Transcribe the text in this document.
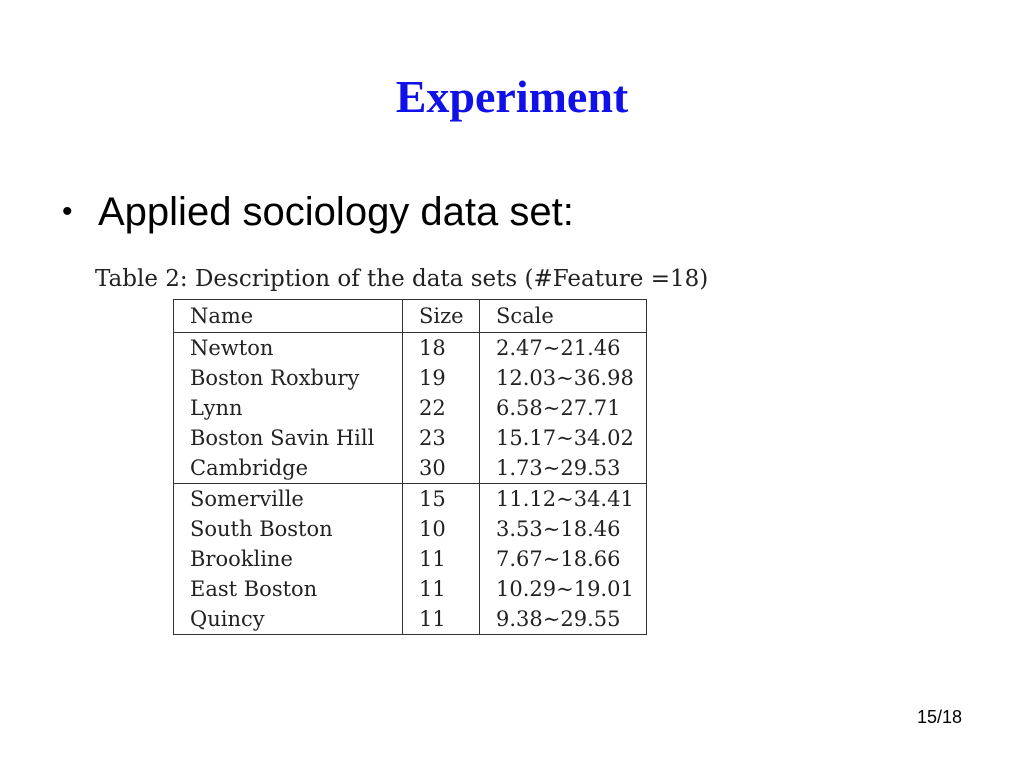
Experiment
• Applied sociology data set:
Table 2: Description of the data sets (#Feature =18)
Name	Size	Scale
Newton	18	2.47∼21.46
Boston Roxbury	19	12.03∼36.98
Lynn	22	6.58∼27.71
Boston Savin Hill	23	15.17∼34.02
Cambridge	30	1.73∼29.53
Somerville	15	11.12∼34.41
South Boston	10	3.53∼18.46
Brookline	11	7.67∼18.66
East Boston	11	10.29∼19.01
Quincy	11	9.38∼29.55
15/18
